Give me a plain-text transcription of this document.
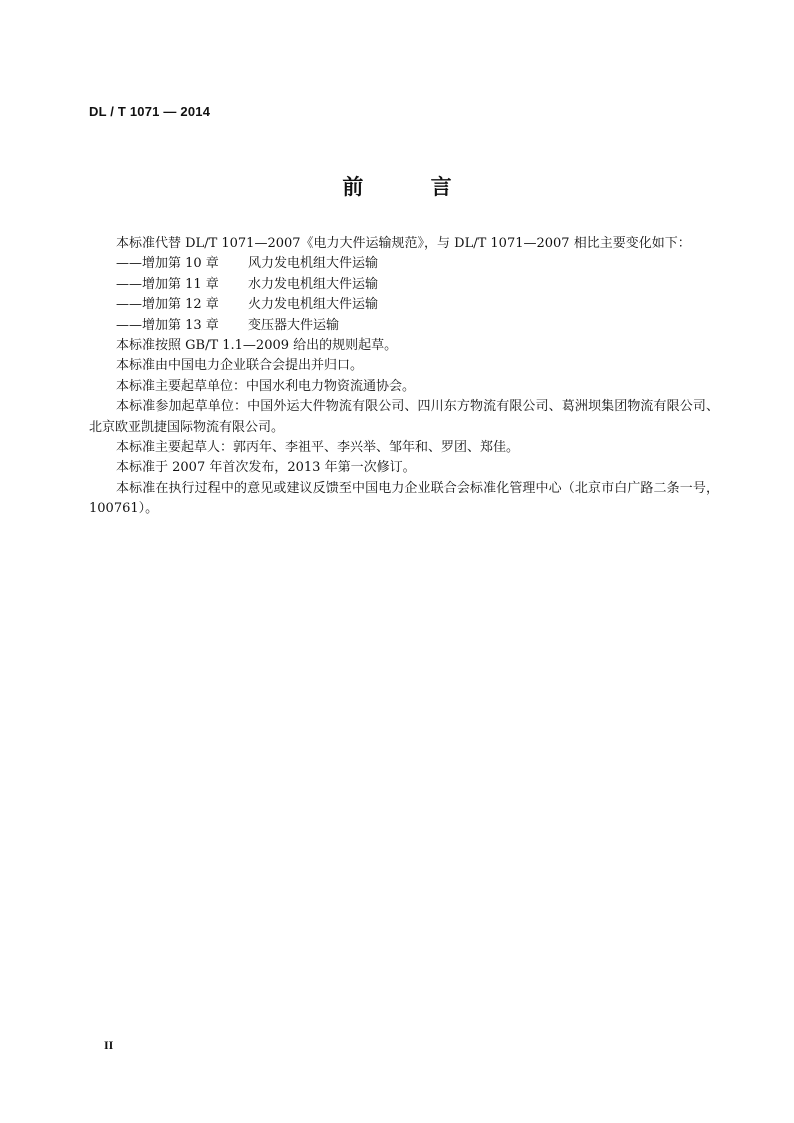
DL / T 1071 — 2014
前 言

本标准代替 DL/T 1071—2007《电力大件运输规范》，与 DL/T 1071—2007 相比主要变化如下：

——增加第 10 章 风力发电机组大件运输

——增加第 11 章 水力发电机组大件运输

——增加第 12 章 火力发电机组大件运输

——增加第 13 章 变压器大件运输

本标准按照 GB/T 1.1—2009 给出的规则起草。

本标准由中国电力企业联合会提出并归口。

本标准主要起草单位：中国水利电力物资流通协会。

本标准参加起草单位：中国外运大件物流有限公司、四川东方物流有限公司、葛洲坝集团物流有限公司、北京欧亚凯捷国际物流有限公司。

本标准主要起草人：郭丙年、李祖平、李兴举、邹年和、罗团、郑佳。

本标准于 2007 年首次发布，2013 年第一次修订。

本标准在执行过程中的意见或建议反馈至中国电力企业联合会标准化管理中心（北京市白广路二条一号，100761）。

II
